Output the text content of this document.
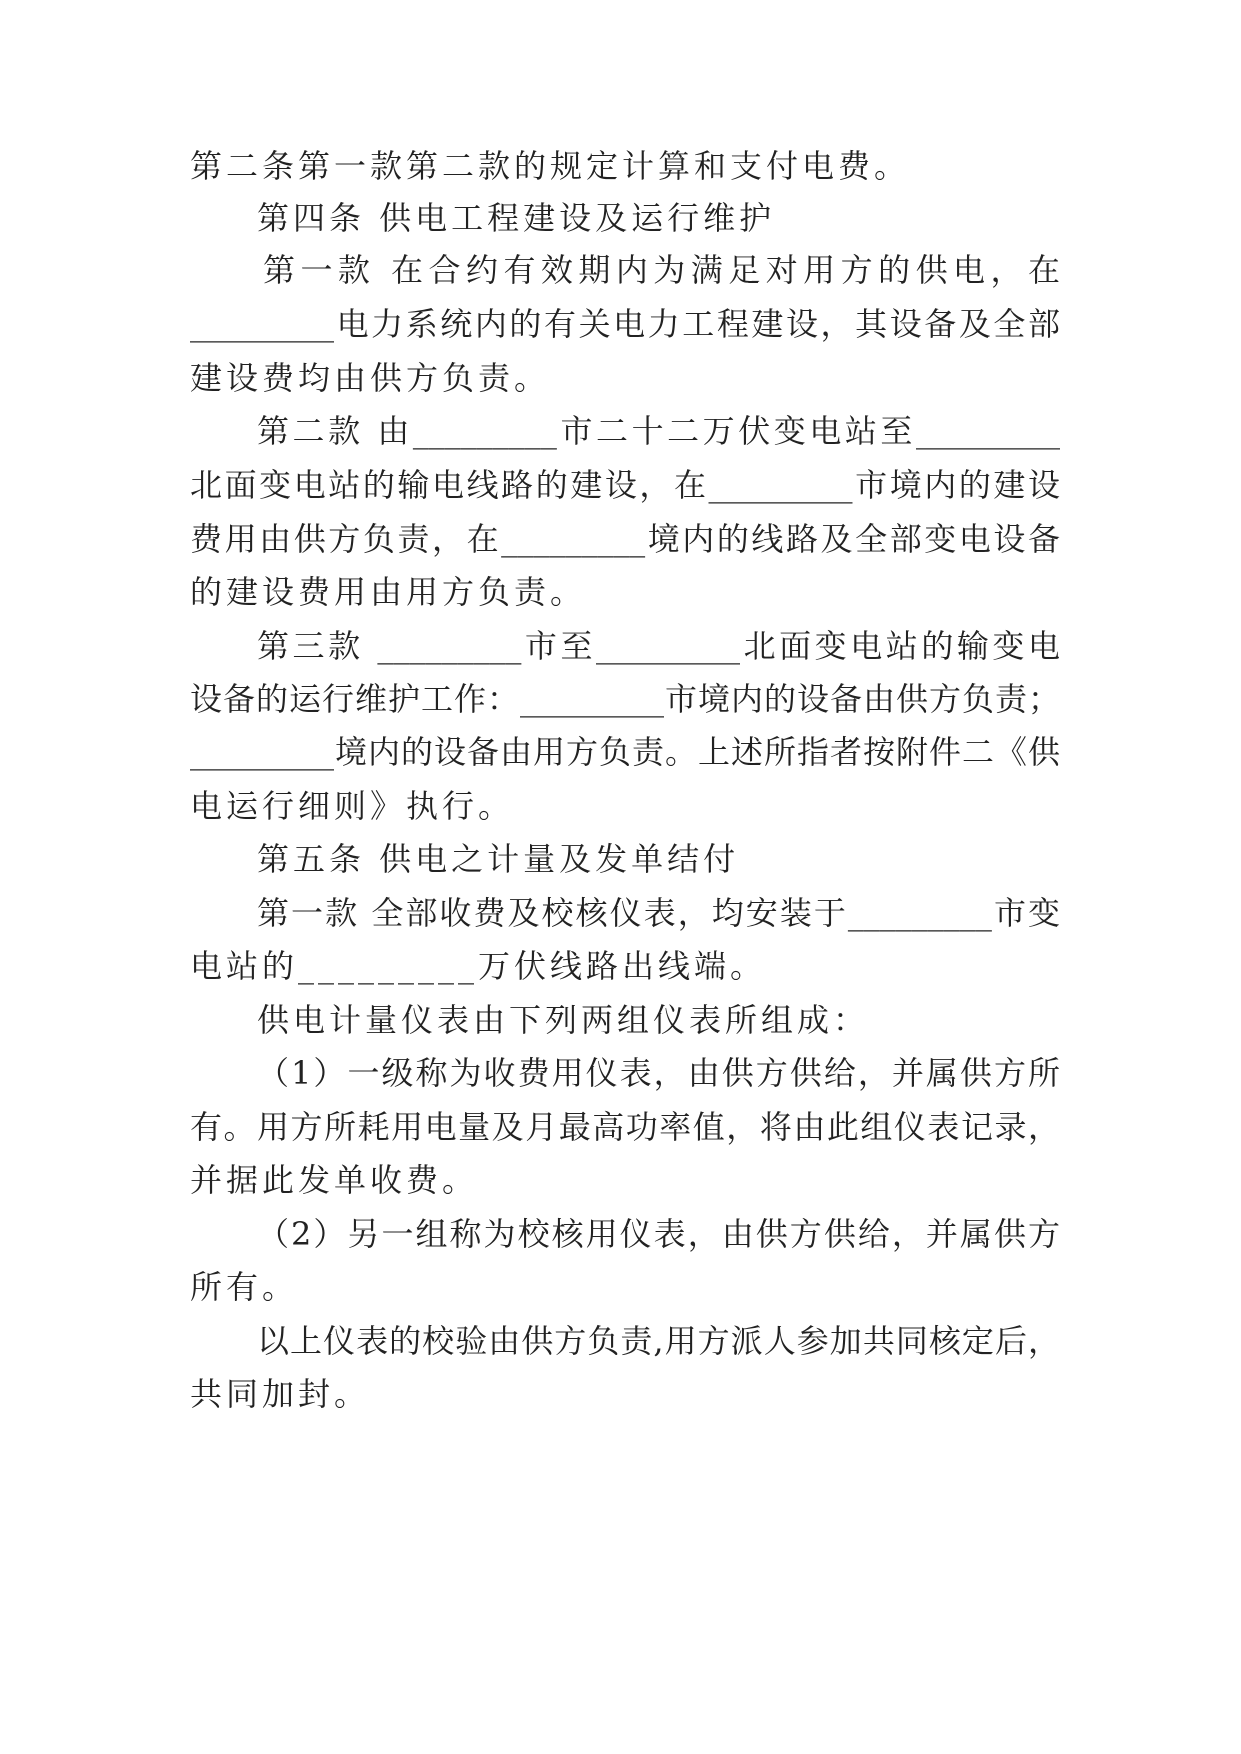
第二条第一款第二款的规定计算和支付电费。
第四条 供电工程建设及运行维护
第一款 在合约有效期内为满足对用方的供电，在
_________电力系统内的有关电力工程建设，其设备及全部
建设费均由供方负责。
第二款 由_________市二十二万伏变电站至_________
北面变电站的输电线路的建设，在_________市境内的建设
费用由供方负责，在_________境内的线路及全部变电设备
的建设费用由用方负责。
第三款 _________市至_________北面变电站的输变电
设备的运行维护工作：_________市境内的设备由供方负责；
_________境内的设备由用方负责。上述所指者按附件二《供
电运行细则》执行。
第五条 供电之计量及发单结付
第一款 全部收费及校核仪表，均安装于_________市变
电站的_________万伏线路出线端。
供电计量仪表由下列两组仪表所组成：
（1）一级称为收费用仪表，由供方供给，并属供方所
有。用方所耗用电量及月最高功率值，将由此组仪表记录，
并据此发单收费。
（2）另一组称为校核用仪表，由供方供给，并属供方
所有。
以上仪表的校验由供方负责,用方派人参加共同核定后，
共同加封。
